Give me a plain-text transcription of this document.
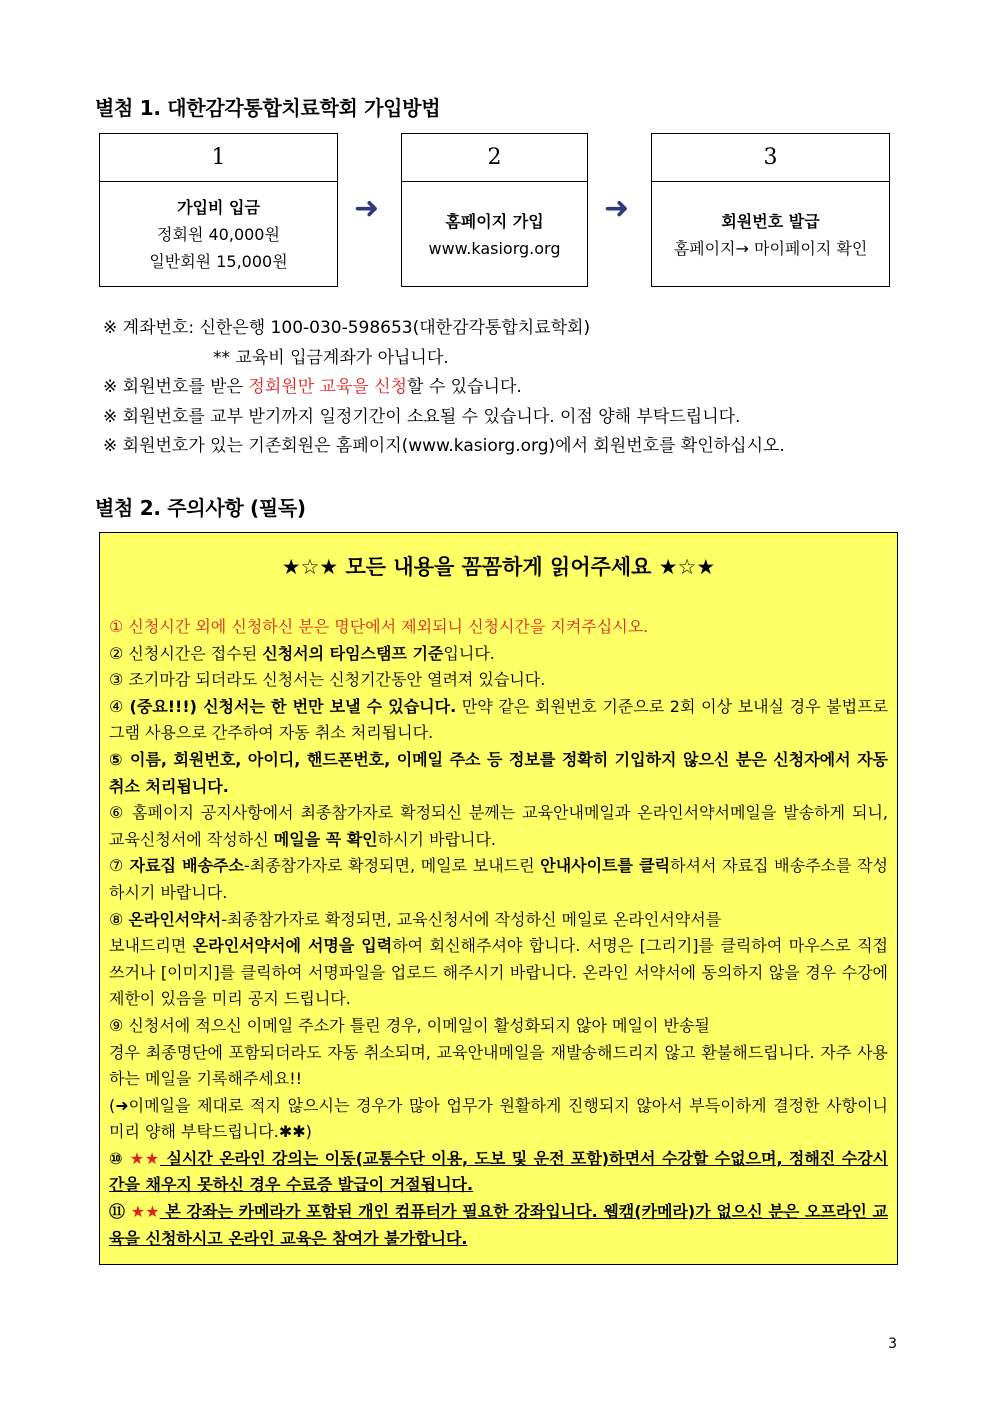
별첨 1. 대한감각통합치료학회 가입방법
1
가입비 입금
정회원 40,000원
일반회원 15,000원
➜
2
홈페이지 가입
www.kasiorg.org
➜
3
회원번호 발급
홈페이지→ 마이페이지 확인
※ 계좌번호: 신한은행 100-030-598653(대한감각통합치료학회)
** 교육비 입금계좌가 아닙니다.
※ 회원번호를 받은 정회원만 교육을 신청할 수 있습니다.
※ 회원번호를 교부 받기까지 일정기간이 소요될 수 있습니다. 이점 양해 부탁드립니다.
※ 회원번호가 있는 기존회원은 홈페이지(www.kasiorg.org)에서 회원번호를 확인하십시오.
별첨 2. 주의사항 (필독)
★☆★ 모든 내용을 꼼꼼하게 읽어주세요 ★☆★

① 신청시간 외에 신청하신 분은 명단에서 제외되니 신청시간을 지켜주십시오.

② 신청시간은 접수된 신청서의 타임스탬프 기준입니다.

③ 조기마감 되더라도 신청서는 신청기간동안 열려져 있습니다.

④ (중요!!!) 신청서는 한 번만 보낼 수 있습니다. 만약 같은 회원번호 기준으로 2회 이상 보내실 경우 불법프로그램 사용으로 간주하여 자동 취소 처리됩니다.

⑤ 이름, 회원번호, 아이디, 핸드폰번호, 이메일 주소 등 정보를 정확히 기입하지 않으신 분은 신청자에서 자동취소 처리됩니다.

⑥ 홈페이지 공지사항에서 최종참가자로 확정되신 분께는 교육안내메일과 온라인서약서메일을 발송하게 되니, 교육신청서에 작성하신 메일을 꼭 확인하시기 바랍니다.

⑦ 자료집 배송주소-최종참가자로 확정되면, 메일로 보내드린 안내사이트를 클릭하셔서 자료집 배송주소를 작성하시기 바랍니다.

⑧ 온라인서약서-최종참가자로 확정되면, 교육신청서에 작성하신 메일로 온라인서약서를

보내드리면 온라인서약서에 서명을 입력하여 회신해주셔야 합니다. 서명은 [그리기]를 클릭하여 마우스로 직접 쓰거나 [이미지]를 클릭하여 서명파일을 업로드 해주시기 바랍니다. 온라인 서약서에 동의하지 않을 경우 수강에 제한이 있음을 미리 공지 드립니다.

⑨ 신청서에 적으신 이메일 주소가 틀린 경우, 이메일이 활성화되지 않아 메일이 반송될

경우 최종명단에 포함되더라도 자동 취소되며, 교육안내메일을 재발송해드리지 않고 환불해드립니다. 자주 사용하는 메일을 기록해주세요!!

(➜이메일을 제대로 적지 않으시는 경우가 많아 업무가 원활하게 진행되지 않아서 부득이하게 결정한 사항이니 미리 양해 부탁드립니다.✱✱)

⑩ ★★ 실시간 온라인 강의는 이동(교통수단 이용, 도보 및 운전 포함)하면서 수강할 수없으며, 정해진 수강시간을 채우지 못하신 경우 수료증 발급이 거절됩니다.

⑪ ★★ 본 강좌는 카메라가 포함된 개인 컴퓨터가 필요한 강좌입니다. 웹캠(카메라)가 없으신 분은 오프라인 교육을 신청하시고 온라인 교육은 참여가 불가합니다.

3
